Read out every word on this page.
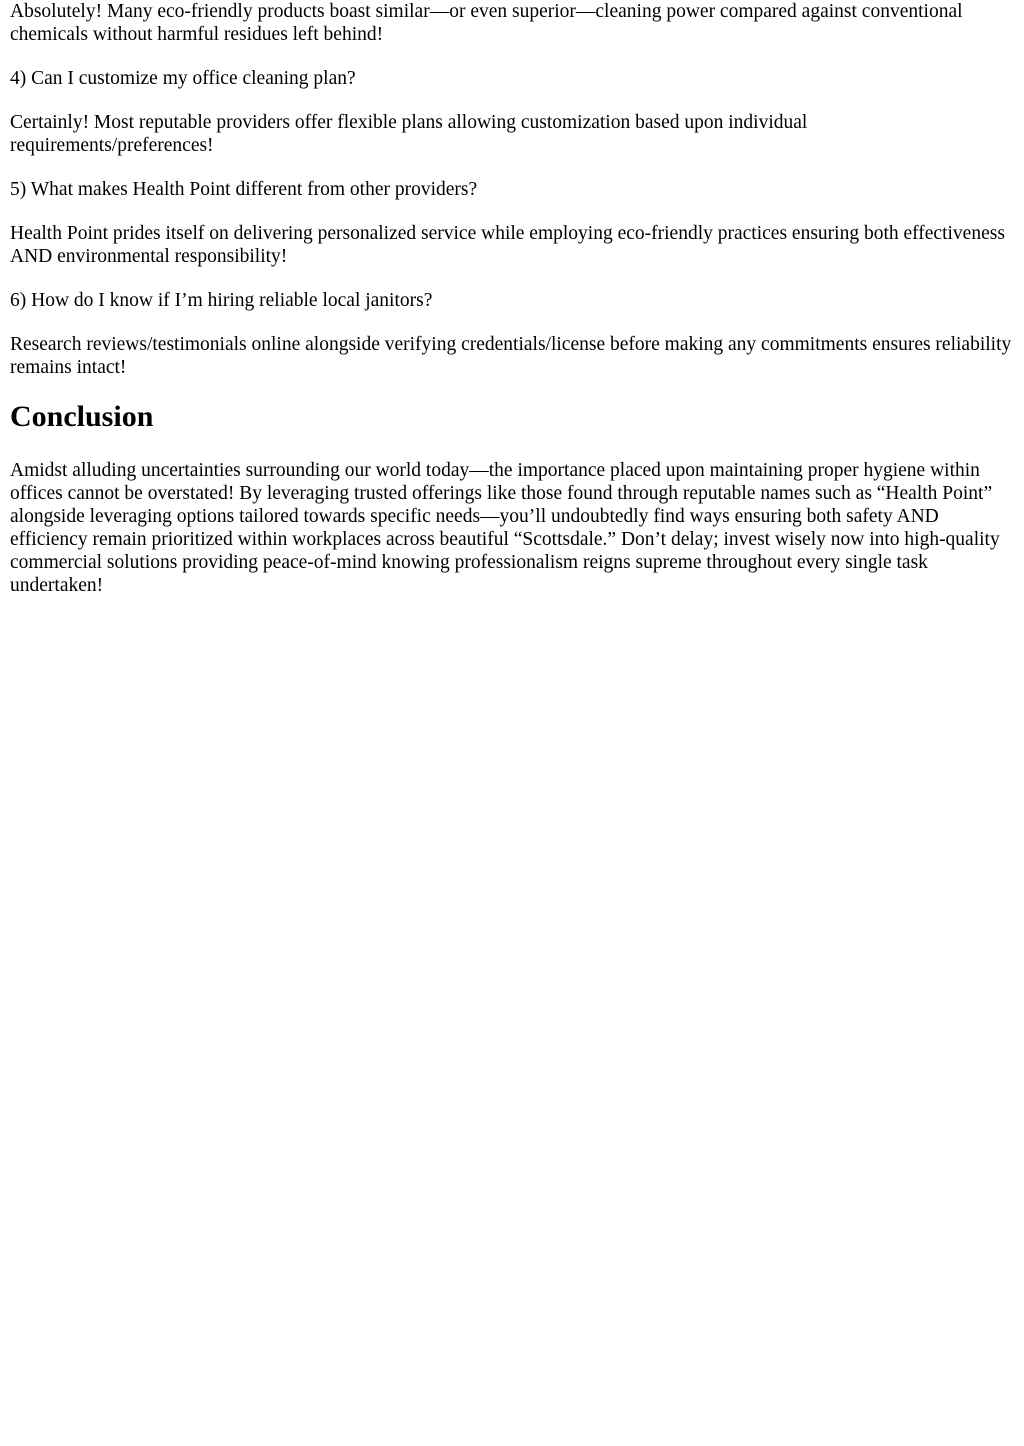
Absolutely! Many eco-friendly products boast similar—or even superior—cleaning power compared against conventional chemicals without harmful residues left behind!

4) Can I customize my office cleaning plan?

Certainly! Most reputable providers offer flexible plans allowing customization based upon individual requirements/preferences!

5) What makes Health Point different from other providers?

Health Point prides itself on delivering personalized service while employing eco-friendly practices ensuring both effectiveness AND environmental responsibility!

6) How do I know if I’m hiring reliable local janitors?

Research reviews/testimonials online alongside verifying credentials/license before making any commitments ensures reliability remains intact!

Conclusion

Amidst alluding uncertainties surrounding our world today—the importance placed upon maintaining proper hygiene within offices cannot be overstated! By leveraging trusted offerings like those found through reputable names such as “Health Point” alongside leveraging options tailored towards specific needs—you’ll undoubtedly find ways ensuring both safety AND efficiency remain prioritized within workplaces across beautiful “Scottsdale.” Don’t delay; invest wisely now into high-quality commercial solutions providing peace-of-mind knowing professionalism reigns supreme throughout every single task undertaken!
